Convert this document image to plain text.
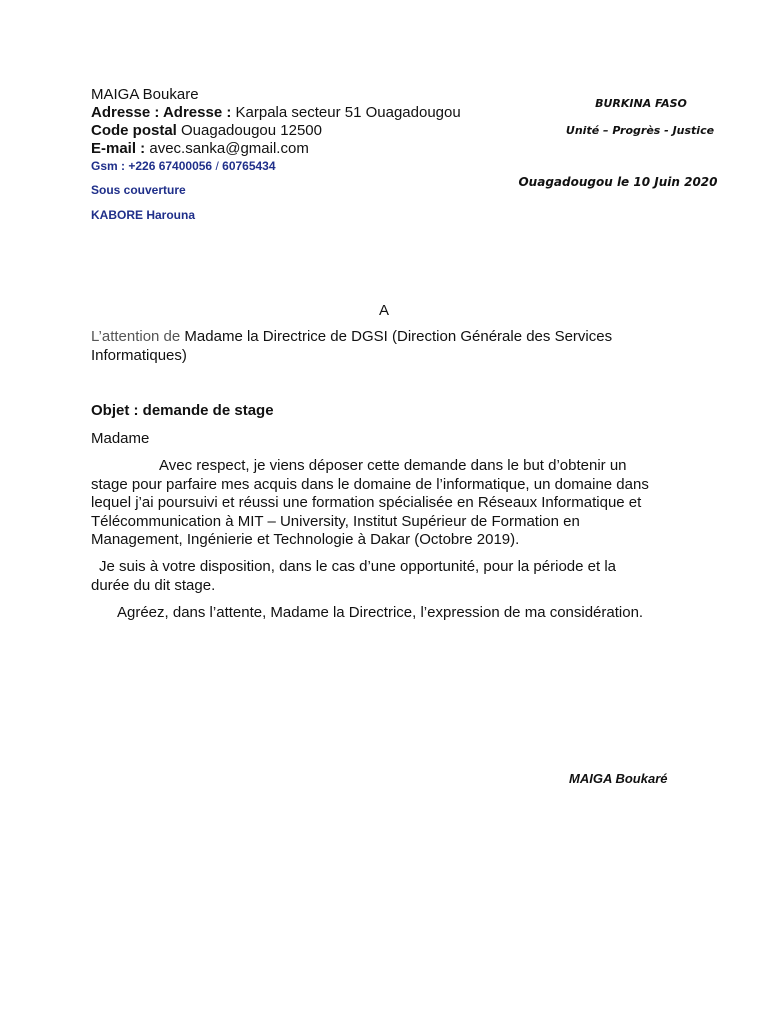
MAIGA Boukare
Adresse : Adresse : Karpala secteur 51 Ouagadougou
Code postal Ouagadougou 12500
E-mail : avec.sanka@gmail.com
Gsm : +226 67400056 / 60765434
Sous couverture
KABORE Harouna
BURKINA FASO
Unité – Progrès - Justice
Ouagadougou le 10 Juin 2020
A

L’attention de Madame la Directrice de DGSI (Direction Générale des Services

Informatiques)

Objet : demande de stage
Madame

Avec respect, je viens déposer cette demande dans le but d’obtenir un

stage pour parfaire mes acquis dans le domaine de l’informatique, un domaine dans

lequel j’ai poursuivi et réussi une formation spécialisée en Réseaux Informatique et

Télécommunication à MIT – University, Institut Supérieur de Formation en

Management, Ingénierie et Technologie à Dakar (Octobre 2019).

Je suis à votre disposition, dans le cas d’une opportunité, pour la période et la

durée du dit stage.

Agréez, dans l’attente, Madame la Directrice, l’expression de ma considération.

MAIGA Boukaré
